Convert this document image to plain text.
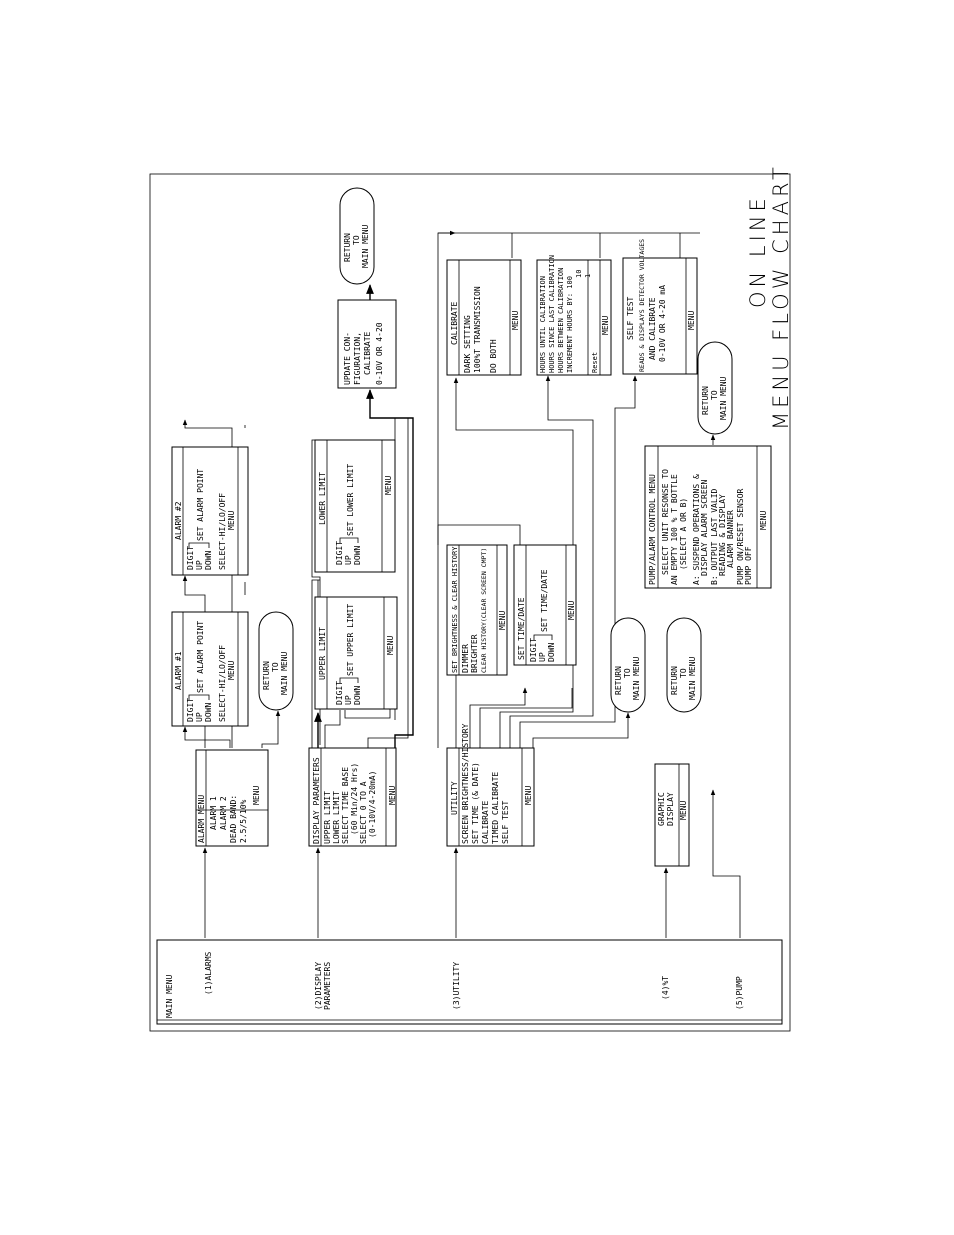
MAIN MENU
(1)ALARMS	(2)DISPLAY PARAMETERS	(3)UTILITY	(4)%T	(5)PUMP
ALARM MENU ALARM 1 ALARM 2 DEAD BAND: 2.5/5/10%
MENU
ALARM #1
DIGIT UP DOWN
SET ALARM POINT SELECT-HI/LO/OFF MENU
ALARM #2
DIGIT UP DOWN
SET ALARM POINT SELECT-HI/LO/OFF MENU
RETURN TO MAIN MENU
DISPLAY PARAMETERS UPPER LIMIT LOWER LIMIT SELECT TIME BASE (60 Min/24 Hrs) SELECT 0 TO A (0-10V/4-20mA) MENU
UPPER LIMIT
DIGIT UP DOWN
SET UPPER LIMIT	MENU
LOWER LIMIT
DIGIT UP DOWN
SET LOWER LIMIT	MENU
UPDATE CON- FIGURATION, CALIBRATE 0-10V OR 4-20
RETURN TO MAIN MENU
UTILITY SCREEN BRIGHTNESS/HISTORY SET TIME (& DATE) CALIBRATE TIMED CALIBRATE SELF TEST
MENU
SET BRIGHTNESS & CLEAR HISTORY DIMMER BRIGHTER CLEAR HISTORY(CLEAR SCREEN CMPT) MENU SET TIME/DATE DIGIT UP DOWN
SET TIME/DATE MENU
RETURN TO MAIN MENU
CALIBRATE DARK SETTING 100%T TRANSMISSION DO BOTH
MENU	HOURS UNTIL CALIBRATION HOURS SINCE LAST CALIBRATION HOURS BETWEEN CALIBRATION INCREMENT HOURS BY: 100
10 1
Reset
MENU SELF TEST READS & DISPLAYS DETECTOR VOLTAGES AND CALIBRATE 0-10V OR 4-20 mA	MENU
GRAPHIC DISPLAY MENU
RETURN TO MAIN MENU
PUMP/ALARM CONTROL MENU SELECT UNIT RESONSE TO AN EMPTY 100 % T BOTTLE (SELECT A OR B) A: SUSPEND OPERATIONS & DISPLAY ALARM SCREEN B: OUTPUT LAST VALID READING & DISPLAY ALARM BANNER PUMP ON/RESET SENSOR PUMP OFF
MENU
RETURN TO MAIN MENU
ON LINE MENU FLOW CHART
